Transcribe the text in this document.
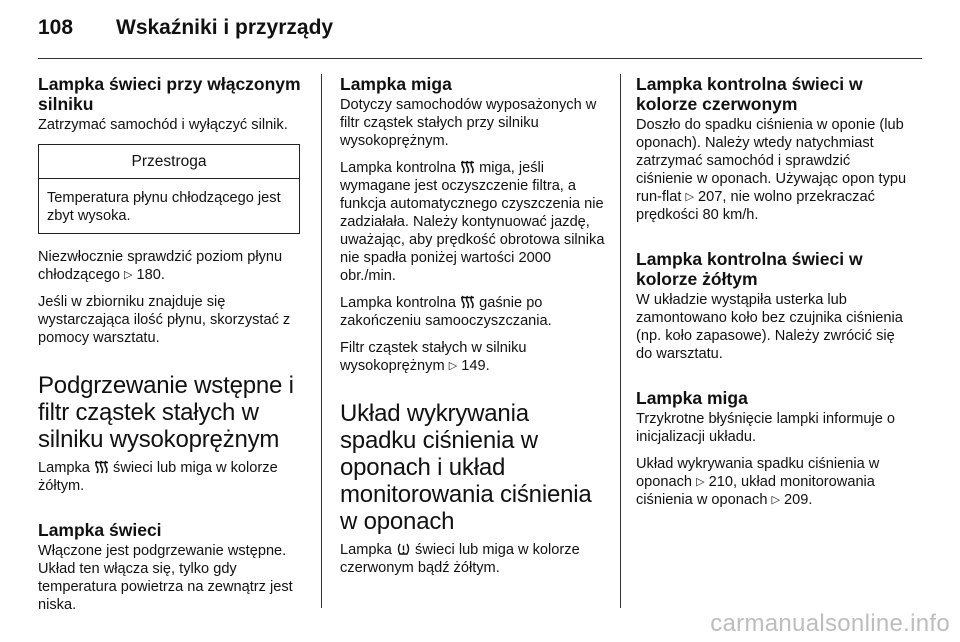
108 Wskaźniki i przyrządy
Lampka świeci przy włączonym silniku
Zatrzymać samochód i wyłączyć silnik.
Przestroga
Temperatura płynu chłodzącego jest zbyt wysoka.
Niezwłocznie sprawdzić poziom płynu chłodzącego ▷ 180.
Jeśli w zbiorniku znajduje się wystarczająca ilość płynu, skorzystać z pomocy warsztatu.
Podgrzewanie wstępne i filtr cząstek stałych w silniku wysokoprężnym
Lampka  świeci lub miga w kolorze żółtym.
Lampka świeci
Włączone jest podgrzewanie wstępne. Układ ten włącza się, tylko gdy temperatura powietrza na zewnątrz jest niska.
Lampka miga
Dotyczy samochodów wyposażonych w filtr cząstek stałych przy silniku wysokoprężnym.
Lampka kontrolna  miga, jeśli wymagane jest oczyszczenie filtra, a funkcja automatycznego czyszczenia nie zadziałała. Należy kontynuować jazdę, uważając, aby prędkość obrotowa silnika nie spadła poniżej wartości 2000 obr./min.
Lampka kontrolna  gaśnie po zakończeniu samooczyszczania.
Filtr cząstek stałych w silniku wysokoprężnym ▷ 149.
Układ wykrywania spadku ciśnienia w oponach i układ monitorowania ciśnienia w oponach
Lampka  świeci lub miga w kolorze czerwonym bądź żółtym.
Lampka kontrolna świeci w kolorze czerwonym
Doszło do spadku ciśnienia w oponie (lub oponach). Należy wtedy natychmiast zatrzymać samochód i sprawdzić ciśnienie w oponach. Używając opon typu run-flat ▷ 207, nie wolno przekraczać prędkości 80 km/h.
Lampka kontrolna świeci w kolorze żółtym
W układzie wystąpiła usterka lub zamontowano koło bez czujnika ciśnienia (np. koło zapasowe). Należy zwrócić się do warsztatu.
Lampka miga
Trzykrotne błyśnięcie lampki informuje o inicjalizacji układu.
Układ wykrywania spadku ciśnienia w oponach ▷ 210, układ monitorowania ciśnienia w oponach ▷ 209.
carmanualsonline.info
